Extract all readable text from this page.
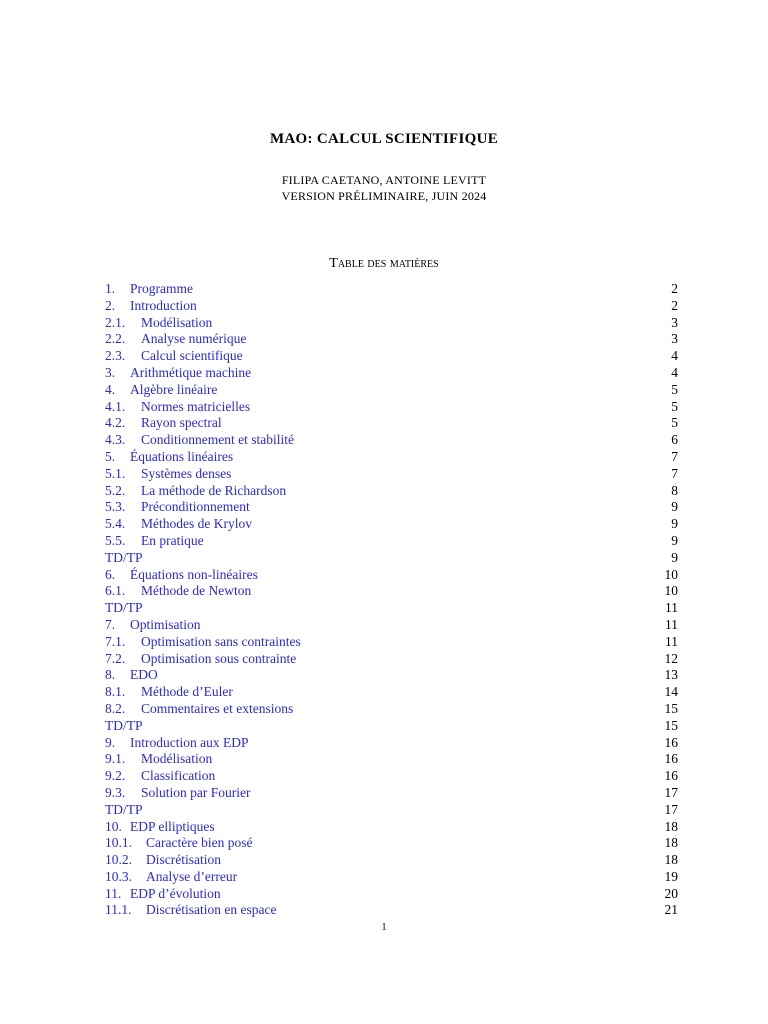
MAO: CALCUL SCIENTIFIQUE
FILIPA CAETANO, ANTOINE LEVITT
VERSION PRÉLIMINAIRE, JUIN 2024
Table des matières
1. Programme	2
2. Introduction	2
2.1. Modélisation	3
2.2. Analyse numérique	3
2.3. Calcul scientifique	4
3. Arithmétique machine	4
4. Algèbre linéaire	5
4.1. Normes matricielles	5
4.2. Rayon spectral	5
4.3. Conditionnement et stabilité	6
5. Équations linéaires	7
5.1. Systèmes denses	7
5.2. La méthode de Richardson	8
5.3. Préconditionnement	9
5.4. Méthodes de Krylov	9
5.5. En pratique	9
TD/TP	9
6. Équations non-linéaires	10
6.1. Méthode de Newton	10
TD/TP	11
7. Optimisation	11
7.1. Optimisation sans contraintes	11
7.2. Optimisation sous contrainte	12
8. EDO	13
8.1. Méthode d’Euler	14
8.2. Commentaires et extensions	15
TD/TP	15
9. Introduction aux EDP	16
9.1. Modélisation	16
9.2. Classification	16
9.3. Solution par Fourier	17
TD/TP	17
10. EDP elliptiques	18
10.1. Caractère bien posé	18
10.2. Discrétisation	18
10.3. Analyse d’erreur	19
11. EDP d’évolution	20
11.1. Discrétisation en espace	21
1
